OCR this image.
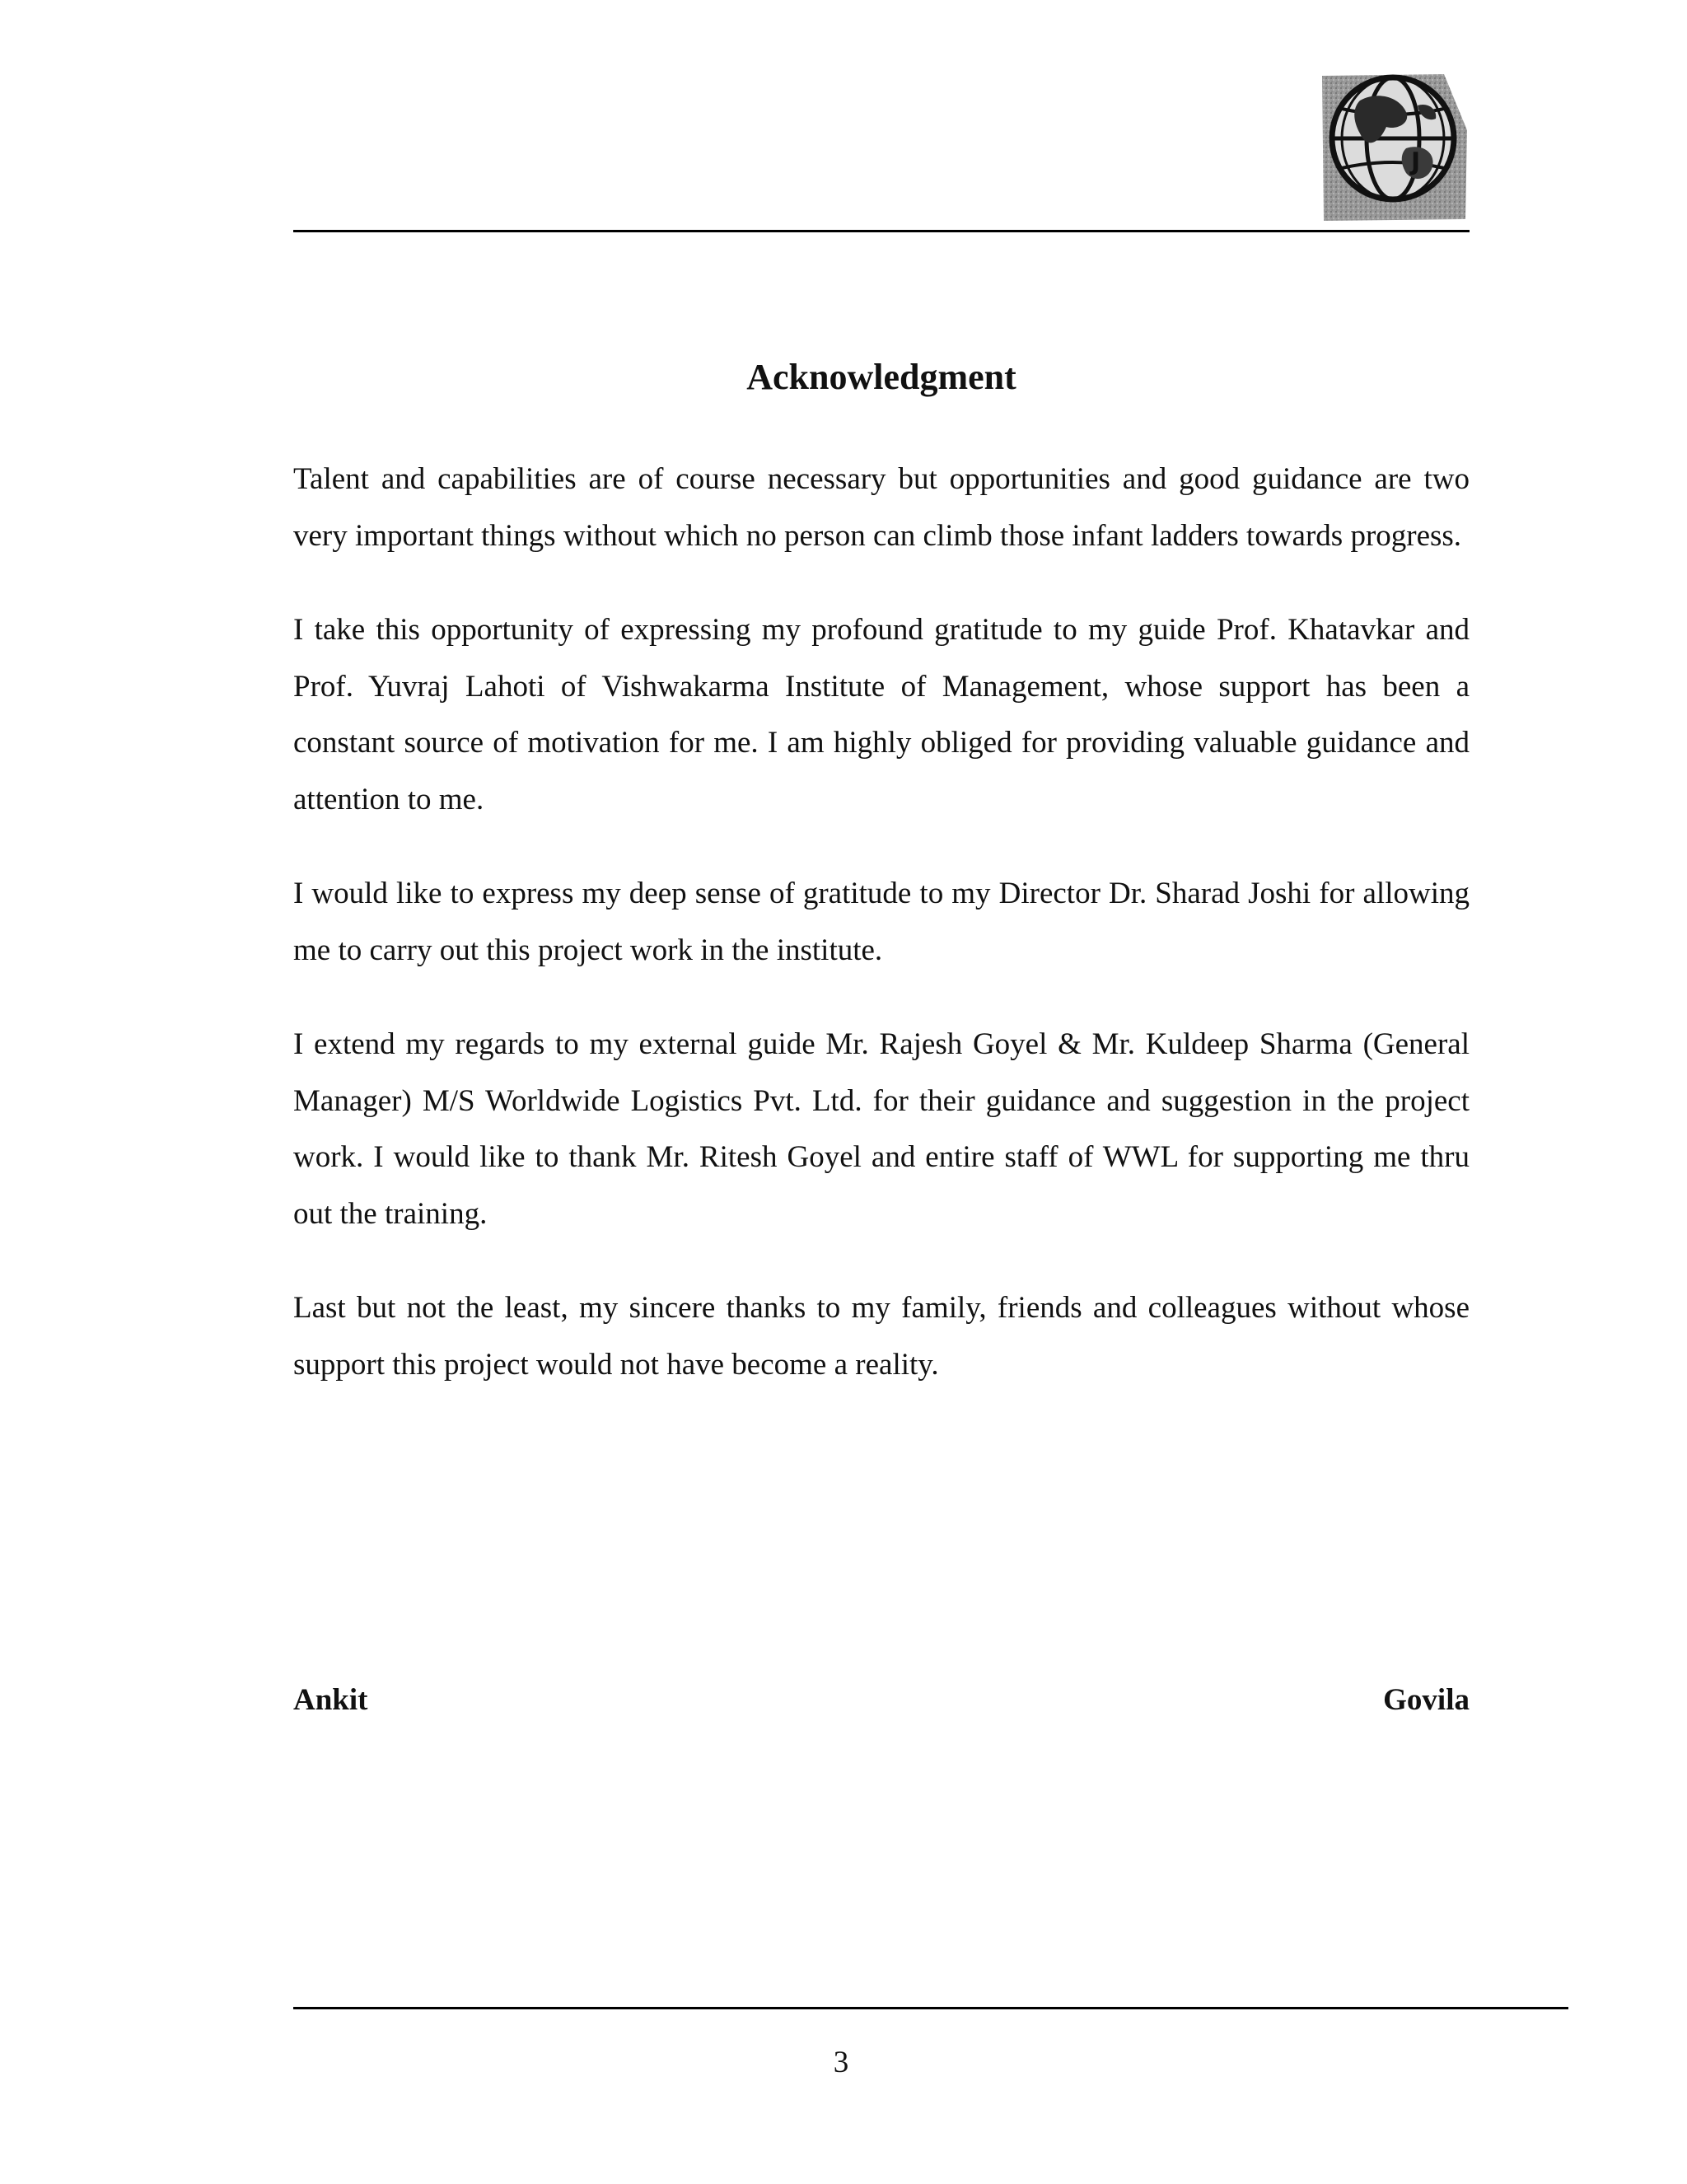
J
Acknowledgment

Talent and capabilities are of course necessary but opportunities and good guidance are two very important things without which no person can climb those infant ladders towards progress.

I take this opportunity of expressing my profound gratitude to my guide Prof. Khatavkar and Prof. Yuvraj Lahoti of Vishwakarma Institute of Management, whose support has been a constant source of motivation for me. I am highly obliged for providing valuable guidance and attention to me.

I would like to express my deep sense of gratitude to my Director Dr. Sharad Joshi for allowing me to carry out this project work in the institute.

I extend my regards to my external guide Mr. Rajesh Goyel & Mr. Kuldeep Sharma (General Manager) M/S Worldwide Logistics Pvt. Ltd. for their guidance and suggestion in the project work. I would like to thank Mr. Ritesh Goyel and entire staff of WWL for supporting me thru out the training.

Last but not the least, my sincere thanks to my family, friends and colleagues without whose support this project would not have become a reality.

Ankit	Govila
3
